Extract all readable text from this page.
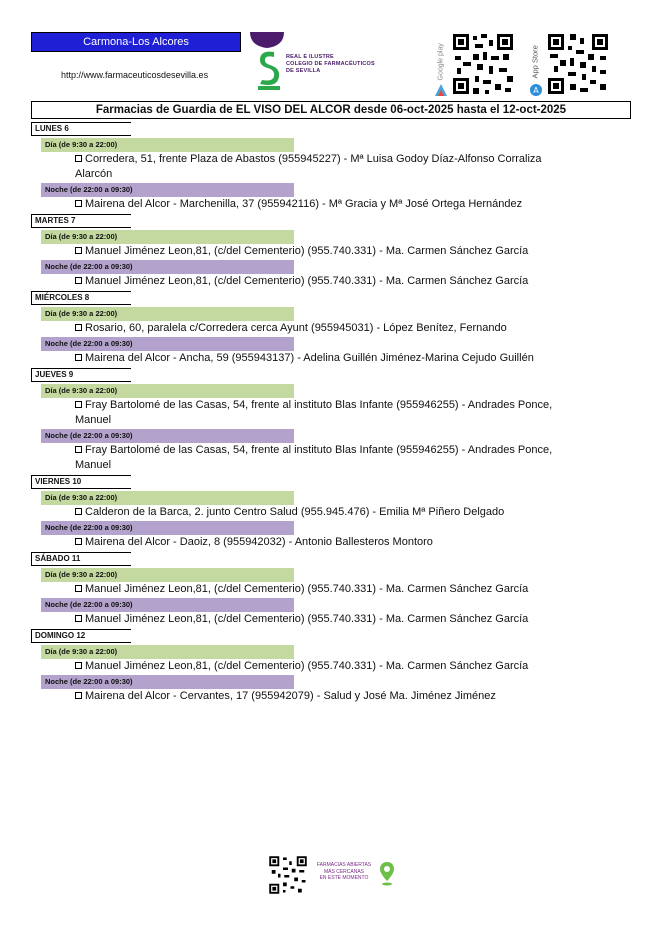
Carmona-Los Alcores
http://www.farmaceuticosdesevilla.es
REAL E ILUSTRE
COLEGIO DE FARMACÉUTICOS
DE SEVILLA	Google play	App Store
A
Farmacias de Guardia de EL VISO DEL ALCOR desde 06-oct-2025 hasta el 12-oct-2025
LUNES 6
Día (de 9:30 a 22:00)
Corredera, 51, frente Plaza de Abastos (955945227) - Mª Luisa Godoy Díaz-Alfonso Corraliza Alarcón
Noche (de 22:00 a 09:30)
Mairena del Alcor - Marchenilla, 37 (955942116) - Mª Gracia y Mª José Ortega Hernández
MARTES 7
Día (de 9:30 a 22:00)
Manuel Jiménez Leon,81, (c/del Cementerio) (955.740.331) - Ma. Carmen Sánchez García
Noche (de 22:00 a 09:30)
Manuel Jiménez Leon,81, (c/del Cementerio) (955.740.331) - Ma. Carmen Sánchez García
MIÉRCOLES 8
Día (de 9:30 a 22:00)
Rosario, 60, paralela c/Corredera cerca Ayunt (955945031) - López Benítez, Fernando
Noche (de 22:00 a 09:30)
Mairena del Alcor - Ancha, 59 (955943137) - Adelina Guillén Jiménez-Marina Cejudo Guillén
JUEVES 9
Día (de 9:30 a 22:00)
Fray Bartolomé de las Casas, 54, frente al instituto Blas Infante (955946255) - Andrades Ponce, Manuel
Noche (de 22:00 a 09:30)
Fray Bartolomé de las Casas, 54, frente al instituto Blas Infante (955946255) - Andrades Ponce, Manuel
VIERNES 10
Día (de 9:30 a 22:00)
Calderon de la Barca, 2. junto Centro Salud (955.945.476) - Emilia Mª Piñero Delgado
Noche (de 22:00 a 09:30)
Mairena del Alcor - Daoiz, 8 (955942032) - Antonio Ballesteros Montoro
SÁBADO 11
Día (de 9:30 a 22:00)
Manuel Jiménez Leon,81, (c/del Cementerio) (955.740.331) - Ma. Carmen Sánchez García
Noche (de 22:00 a 09:30)
Manuel Jiménez Leon,81, (c/del Cementerio) (955.740.331) - Ma. Carmen Sánchez García
DOMINGO 12
Día (de 9:30 a 22:00)
Manuel Jiménez Leon,81, (c/del Cementerio) (955.740.331) - Ma. Carmen Sánchez García
Noche (de 22:00 a 09:30)
Mairena del Alcor - Cervantes, 17 (955942079) - Salud y José Ma. Jiménez Jiménez
FARMACIAS ABIERTAS
MÁS CERCANAS
EN ESTE MOMENTO
